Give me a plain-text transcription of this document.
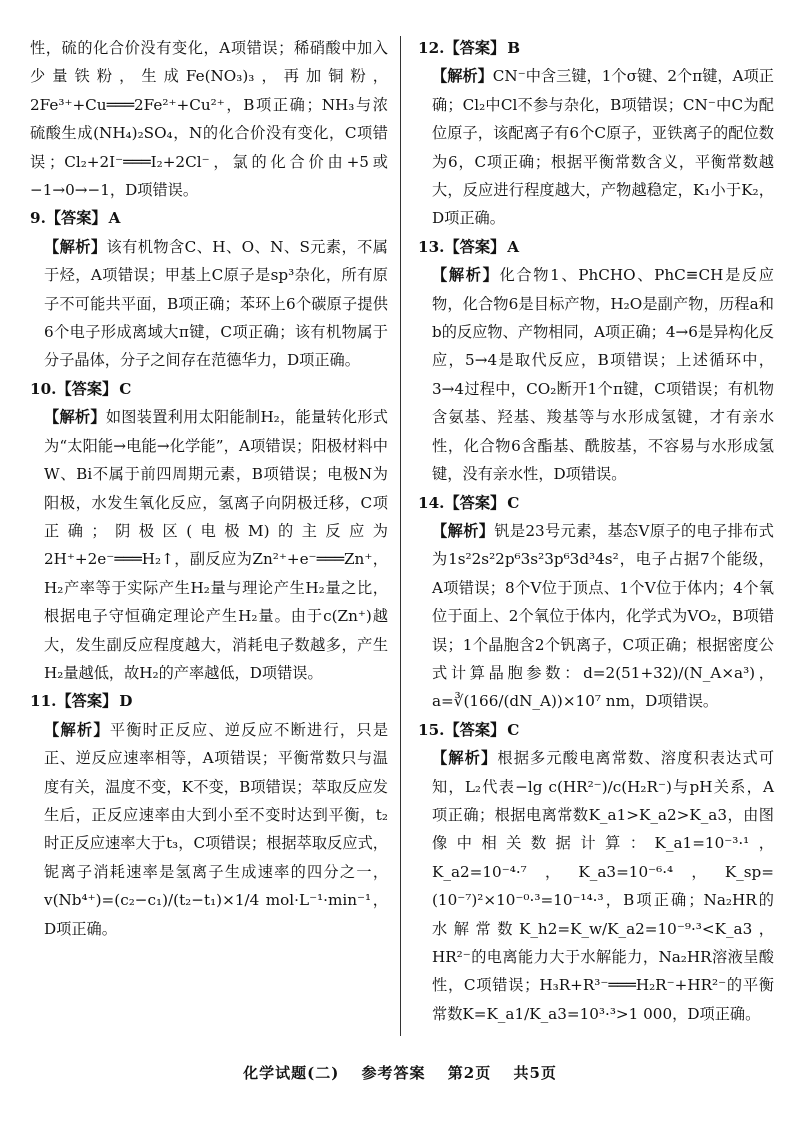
性，硫的化合价没有变化，A项错误；稀硝酸中加入少量铁粉，生成Fe(NO₃)₃，再加铜粉，2Fe³⁺+Cu═══2Fe²⁺+Cu²⁺，B项正确；NH₃与浓硫酸生成(NH₄)₂SO₄，N的化合价没有变化，C项错误；Cl₂+2I⁻═══I₂+2Cl⁻，氯的化合价由+5或−1→0→−1，D项错误。

9.【答案】 A

【解析】该有机物含C、H、O、N、S元素，不属于烃，A项错误；甲基上C原子是sp³杂化，所有原子不可能共平面，B项正确；苯环上6个碳原子提供6个电子形成离域大π键，C项正确；该有机物属于分子晶体，分子之间存在范德华力，D项正确。

10.【答案】 C

【解析】如图装置利用太阳能制H₂，能量转化形式为“太阳能→电能→化学能”，A项错误；阳极材料中W、Bi不属于前四周期元素，B项错误；电极N为阳极，水发生氧化反应，氢离子向阴极迁移，C项正确；阴极区(电极M)的主反应为2H⁺+2e⁻═══H₂↑，副反应为Zn²⁺+e⁻═══Zn⁺，H₂产率等于实际产生H₂量与理论产生H₂量之比，根据电子守恒确定理论产生H₂量。由于c(Zn⁺)越大，发生副反应程度越大，消耗电子数越多，产生H₂量越低，故H₂的产率越低，D项错误。

11.【答案】 D

【解析】平衡时正反应、逆反应不断进行，只是正、逆反应速率相等，A项错误；平衡常数只与温度有关，温度不变，K不变，B项错误；萃取反应发生后，正反应速率由大到小至不变时达到平衡，t₂时正反应速率大于t₃，C项错误；根据萃取反应式，铌离子消耗速率是氢离子生成速率的四分之一，v(Nb⁴⁺)=(c₂−c₁)/(t₂−t₁)×1/4 mol·L⁻¹·min⁻¹，D项正确。

12.【答案】 B

【解析】CN⁻中含三键，1个σ键、2个π键，A项正确；Cl₂中Cl不参与杂化，B项错误；CN⁻中C为配位原子，该配离子有6个C原子，亚铁离子的配位数为6，C项正确；根据平衡常数含义，平衡常数越大，反应进行程度越大，产物越稳定，K₁小于K₂，D项正确。

13.【答案】 A

【解析】化合物1、PhCHO、PhC≡CH是反应物，化合物6是目标产物，H₂O是副产物，历程a和b的反应物、产物相同，A项正确；4→6是异构化反应，5→4是取代反应，B项错误；上述循环中，3→4过程中，CO₂断开1个π键，C项错误；有机物含氨基、羟基、羧基等与水形成氢键，才有亲水性，化合物6含酯基、酰胺基，不容易与水形成氢键，没有亲水性，D项错误。

14.【答案】 C

【解析】钒是23号元素，基态V原子的电子排布式为1s²2s²2p⁶3s²3p⁶3d³4s²，电子占据7个能级，A项错误；8个V位于顶点、1个V位于体内；4个氧位于面上、2个氧位于体内，化学式为VO₂，B项错误；1个晶胞含2个钒离子，C项正确；根据密度公式计算晶胞参数：d=2(51+32)/(N_A×a³)，a=∛(166/(dN_A))×10⁷ nm，D项错误。

15.【答案】 C

【解析】根据多元酸电离常数、溶度积表达式可知，L₂代表−lg c(HR²⁻)/c(H₂R⁻)与pH关系，A项正确；根据电离常数K_a1>K_a2>K_a3，由图像中相关数据计算：K_a1=10⁻³·¹，K_a2=10⁻⁴·⁷，K_a3=10⁻⁶·⁴，K_sp=(10⁻⁷)²×10⁻⁰·³=10⁻¹⁴·³，B项正确；Na₂HR的水解常数K_h2=K_w/K_a2=10⁻⁹·³<K_a3，HR²⁻的电离能力大于水解能力，Na₂HR溶液呈酸性，C项错误；H₃R+R³⁻═══H₂R⁻+HR²⁻的平衡常数K=K_a1/K_a3=10³·³>1 000，D项正确。
化学试题(二) 参考答案 第2页 共5页
